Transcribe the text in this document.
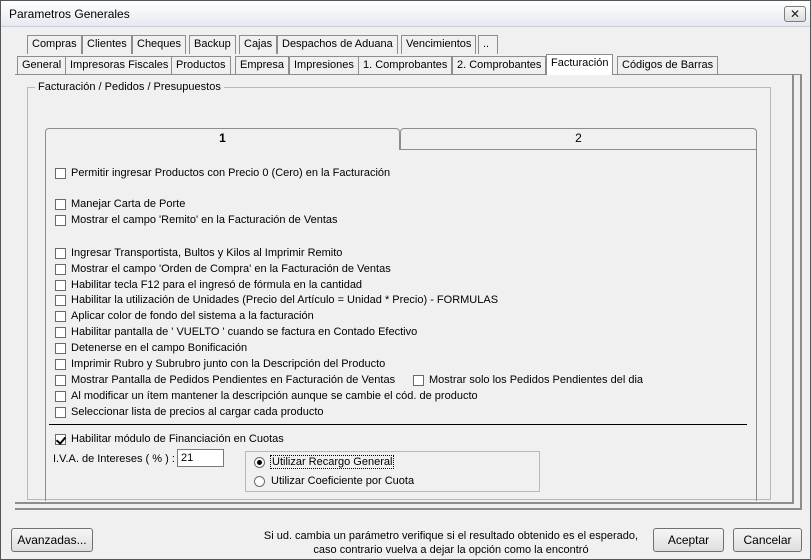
Parametros Generales	✕
Compras Clientes Cheques	Backup	Cajas Despachos de Aduana	Vencimientos	..
General Impresoras Fiscales Productos	Empresa Impresiones 1. Comprobantes 2. Comprobantes Facturación	Códigos de Barras
Facturación / Pedidos / Presupuestos
1	2
Permitir ingresar Productos con Precio 0 (Cero) en la Facturación
Manejar Carta de Porte
Mostrar el campo 'Remito' en la Facturación de Ventas
Ingresar Transportista, Bultos y Kilos al Imprimir Remito
Mostrar el campo 'Orden de Compra' en la Facturación de Ventas
Habilitar tecla F12 para el ingresó de fórmula en la cantidad
Habilitar la utilización de Unidades (Precio del Artículo = Unidad * Precio) - FORMULAS
Aplicar color de fondo del sistema a la facturación
Habilitar pantalla de ' VUELTO ' cuando se factura en Contado Efectivo
Detenerse en el campo Bonificación
Imprimir Rubro y Subrubro junto con la Descripción del Producto
Mostrar Pantalla de Pedidos Pendientes en Facturación de Ventas	Mostrar solo los Pedidos Pendientes del dia
Al modificar un ítem mantener la descripción aunque se cambie el cód. de producto
Seleccionar lista de precios al cargar cada producto
Habilitar módulo de Financiación en Cuotas
I.V.A. de Intereses ( % ) :
21	Utilizar Recargo General
Utilizar Coeficiente por Cuota
Avanzadas...	Si ud. cambia un parámetro verifique si el resultado obtenido es el esperado,
caso contrario vuelva a dejar la opción como la encontró
Aceptar	Cancelar
